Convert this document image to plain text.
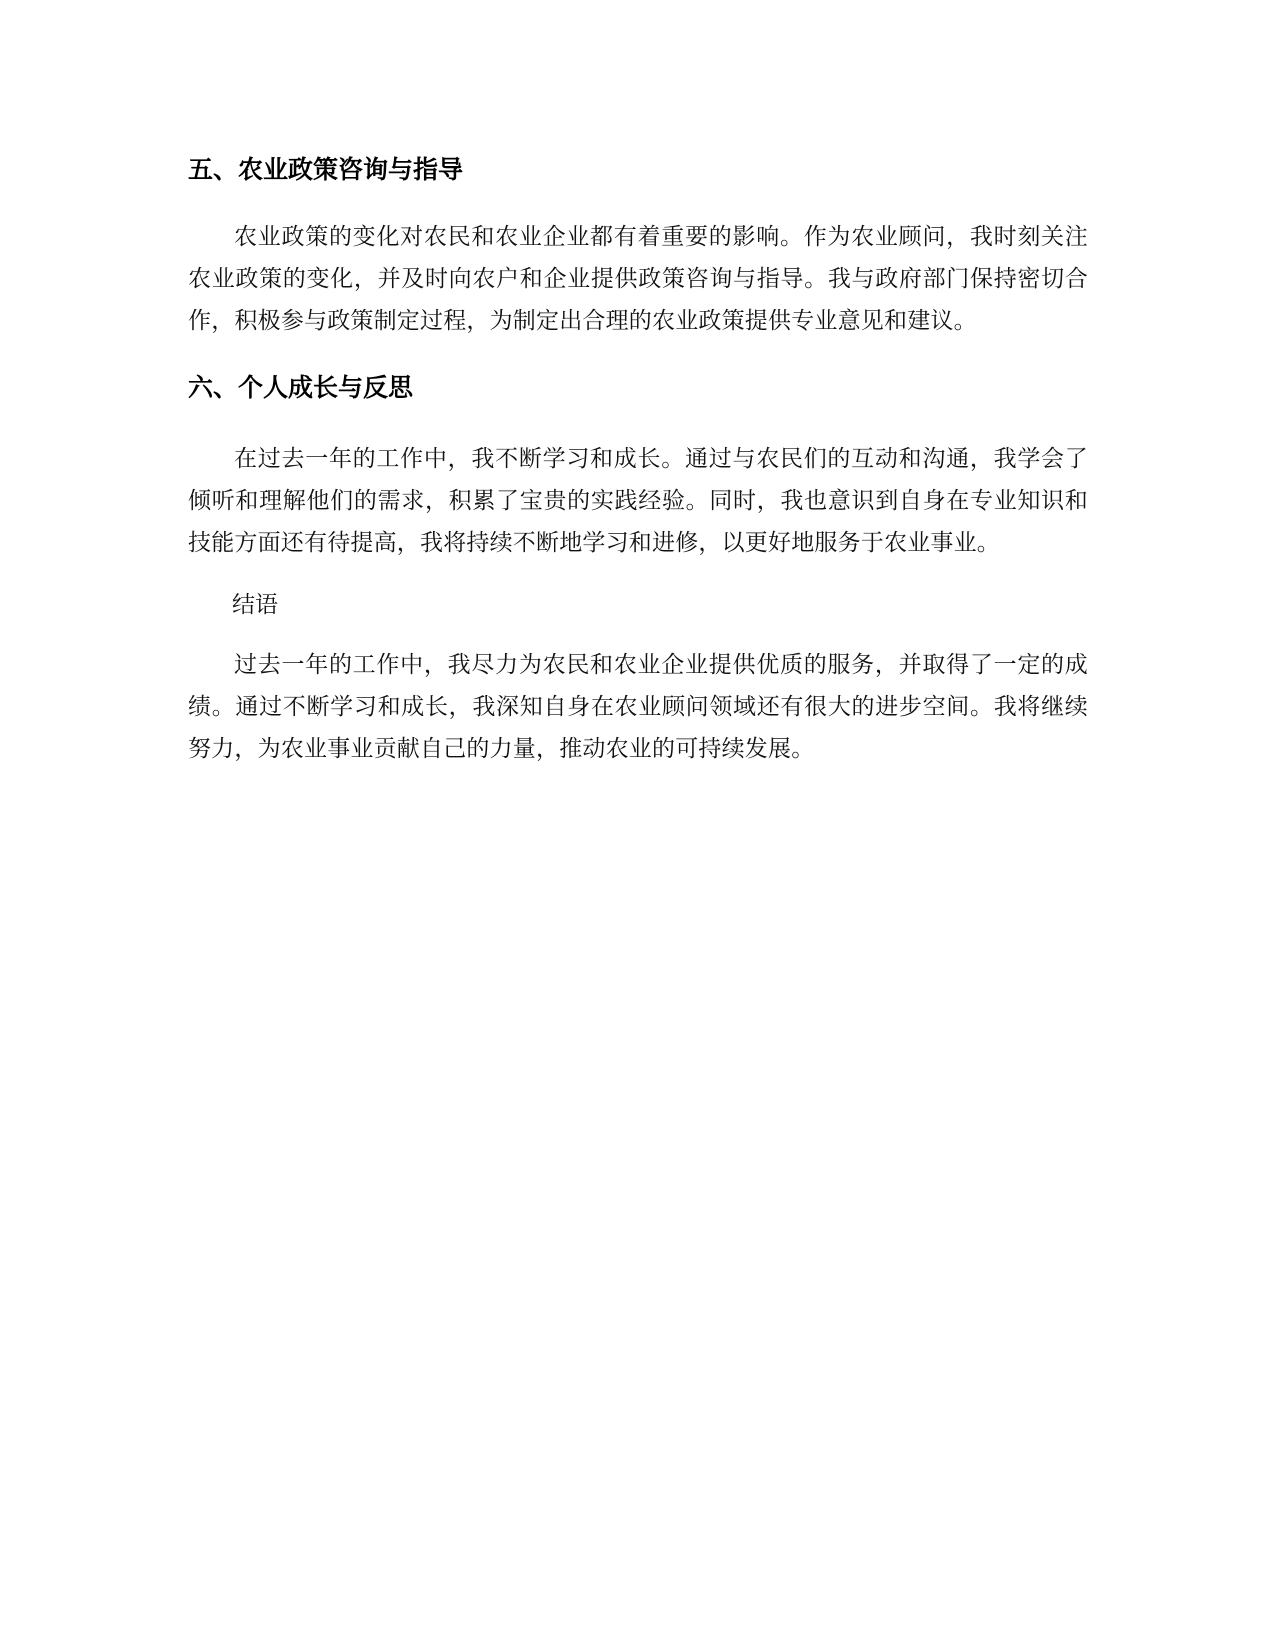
五、农业政策咨询与指导

农业政策的变化对农民和农业企业都有着重要的影响。作为农业顾问，我时刻关注农业政策的变化，并及时向农户和企业提供政策咨询与指导。我与政府部门保持密切合作，积极参与政策制定过程，为制定出合理的农业政策提供专业意见和建议。

六、个人成长与反思

在过去一年的工作中，我不断学习和成长。通过与农民们的互动和沟通，我学会了倾听和理解他们的需求，积累了宝贵的实践经验。同时，我也意识到自身在专业知识和技能方面还有待提高，我将持续不断地学习和进修，以更好地服务于农业事业。

结语

过去一年的工作中，我尽力为农民和农业企业提供优质的服务，并取得了一定的成绩。通过不断学习和成长，我深知自身在农业顾问领域还有很大的进步空间。我将继续努力，为农业事业贡献自己的力量，推动农业的可持续发展。
